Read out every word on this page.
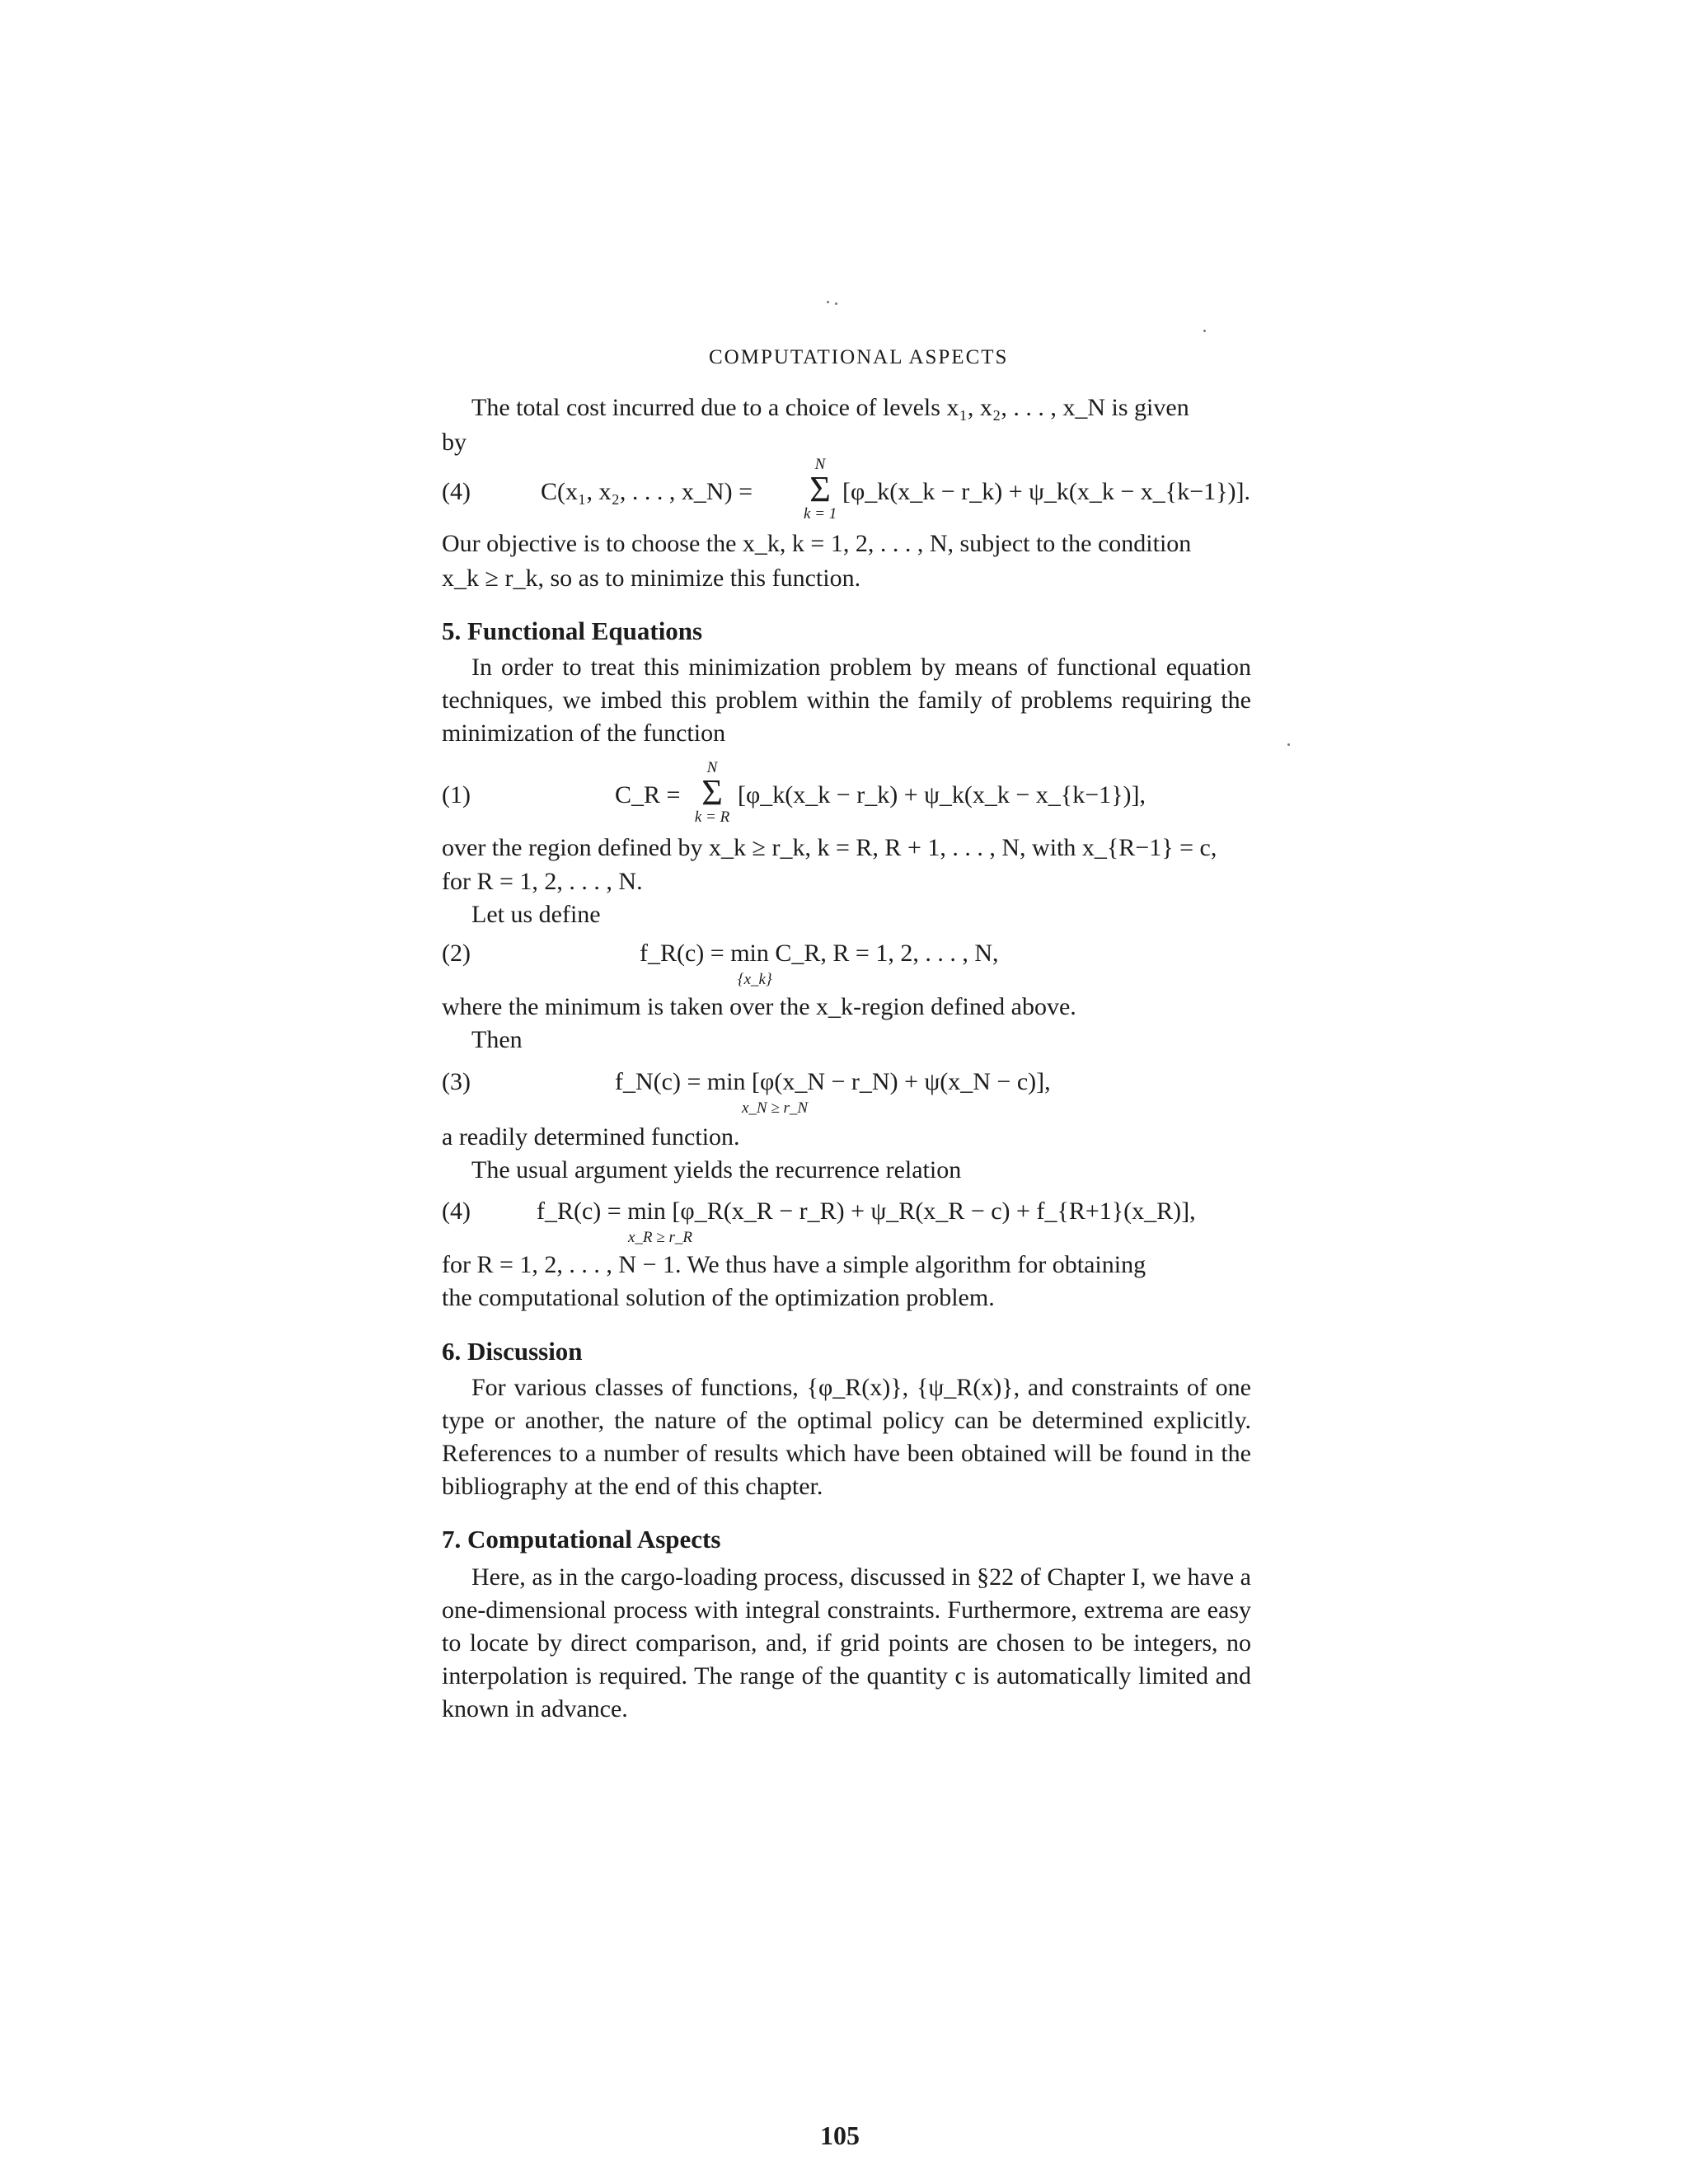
COMPUTATIONAL ASPECTS
The total cost incurred due to a choice of levels x₁, x₂, . . . , x_N is given
by
(4)	C(x₁, x₂, . . . , x_N) =
N
Σ
k = 1
[φ_k(x_k − r_k) + ψ_k(x_k − x_{k−1})].
Our objective is to choose the x_k, k = 1, 2, . . . , N, subject to the condition
x_k ≥ r_k, so as to minimize this function.
5. Functional Equations
In order to treat this minimization problem by means of functional equation techniques, we imbed this problem within the family of problems requiring the minimization of the function
(1)	C_R =
N
Σ
k = R
[φ_k(x_k − r_k) + ψ_k(x_k − x_{k−1})],
over the region defined by x_k ≥ r_k, k = R, R + 1, . . . , N, with x_{R−1} = c,
for R = 1, 2, . . . , N.
Let us define
(2)	f_R(c) = min C_R, R = 1, 2, . . . , N,
{x_k}
where the minimum is taken over the x_k-region defined above.
Then
(3)	f_N(c) = min [φ(x_N − r_N) + ψ(x_N − c)],
x_N ≥ r_N
a readily determined function.
The usual argument yields the recurrence relation
(4)	f_R(c) = min [φ_R(x_R − r_R) + ψ_R(x_R − c) + f_{R+1}(x_R)],
x_R ≥ r_R
for R = 1, 2, . . . , N − 1. We thus have a simple algorithm for obtaining
the computational solution of the optimization problem.
6. Discussion
For various classes of functions, {φ_R(x)}, {ψ_R(x)}, and constraints of one type or another, the nature of the optimal policy can be determined explicitly. References to a number of results which have been obtained will be found in the bibliography at the end of this chapter.
7. Computational Aspects
Here, as in the cargo-loading process, discussed in §22 of Chapter I, we have a one-dimensional process with integral constraints. Furthermore, extrema are easy to locate by direct comparison, and, if grid points are chosen to be integers, no interpolation is required. The range of the quantity c is automatically limited and known in advance.
105
